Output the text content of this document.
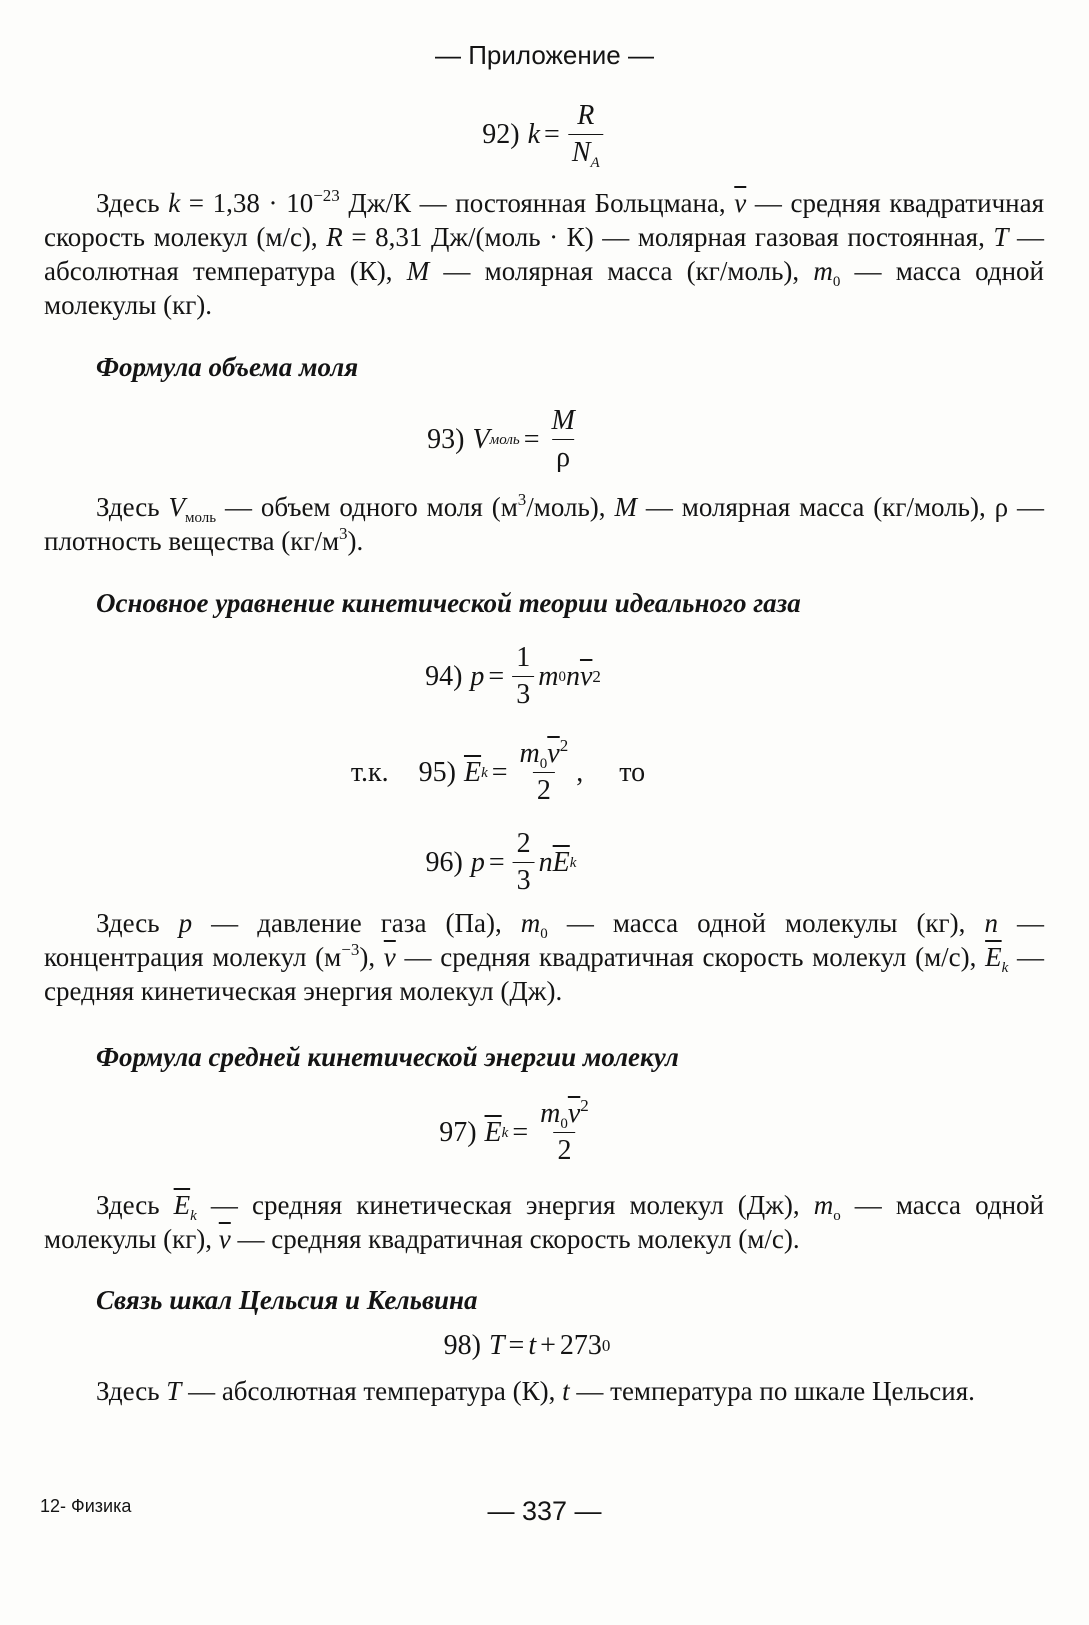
— Приложение —
92) $k = \frac{R}{N_A}$
Здесь $k = 1,38 \cdot 10^{-23}$ Дж/К — постоянная Больцмана, $\overline{v}$ — средняя квадратичная скорость молекул (м/с), R = 8,31 Дж/(моль · К) — молярная газовая постоянная, T — абсолютная температура (К), M — молярная масса (кг/моль), $m_0$ — масса одной молекулы (кг).
Формула объема моля
93) V моль = $\frac{M}{\rho}$
Здесь $V_{моль}$ — объем одного моля $(м^3/моль)$, M — молярная масса (кг/моль), ρ — плотность вещества $(кг/м^3)$.
Основное уравнение кинетической теории идеального газа
94) $p = \frac{1}{3}$ m 0 n $\overline{v}$ 2
т.к. 95) $\overline{E}$ $k = \frac{m_0\overline{v}^2}{2}$ , то
96) $p = \frac{2}{3}$ n $\overline{E}$ k
Здесь p — давление газа (Па), $m_0$ — масса одной молекулы (кг), n — концентрация молекул $(м^{-3})$, $\overline{v}$ — средняя квадратичная скорость молекул (м/с), $\overline{E}_k$ — средняя кинетическая энергия молекул (Дж).
Формула средней кинетической энергии молекул
97) $\overline{E}$ $k = \frac{m_0\overline{v}^2}{2}$
Здесь $\overline{E}_k$ — средняя кинетическая энергия молекул (Дж), $m_о$ — масса одной молекулы (кг), $\overline{v}$ — средняя квадратичная скорость молекул (м/с).
Связь шкал Цельсия и Кельвина
98) T = t + 273 0
Здесь T — абсолютная температура (К), t — температура по шкале Цельсия.
12- Физика	— 337 —
